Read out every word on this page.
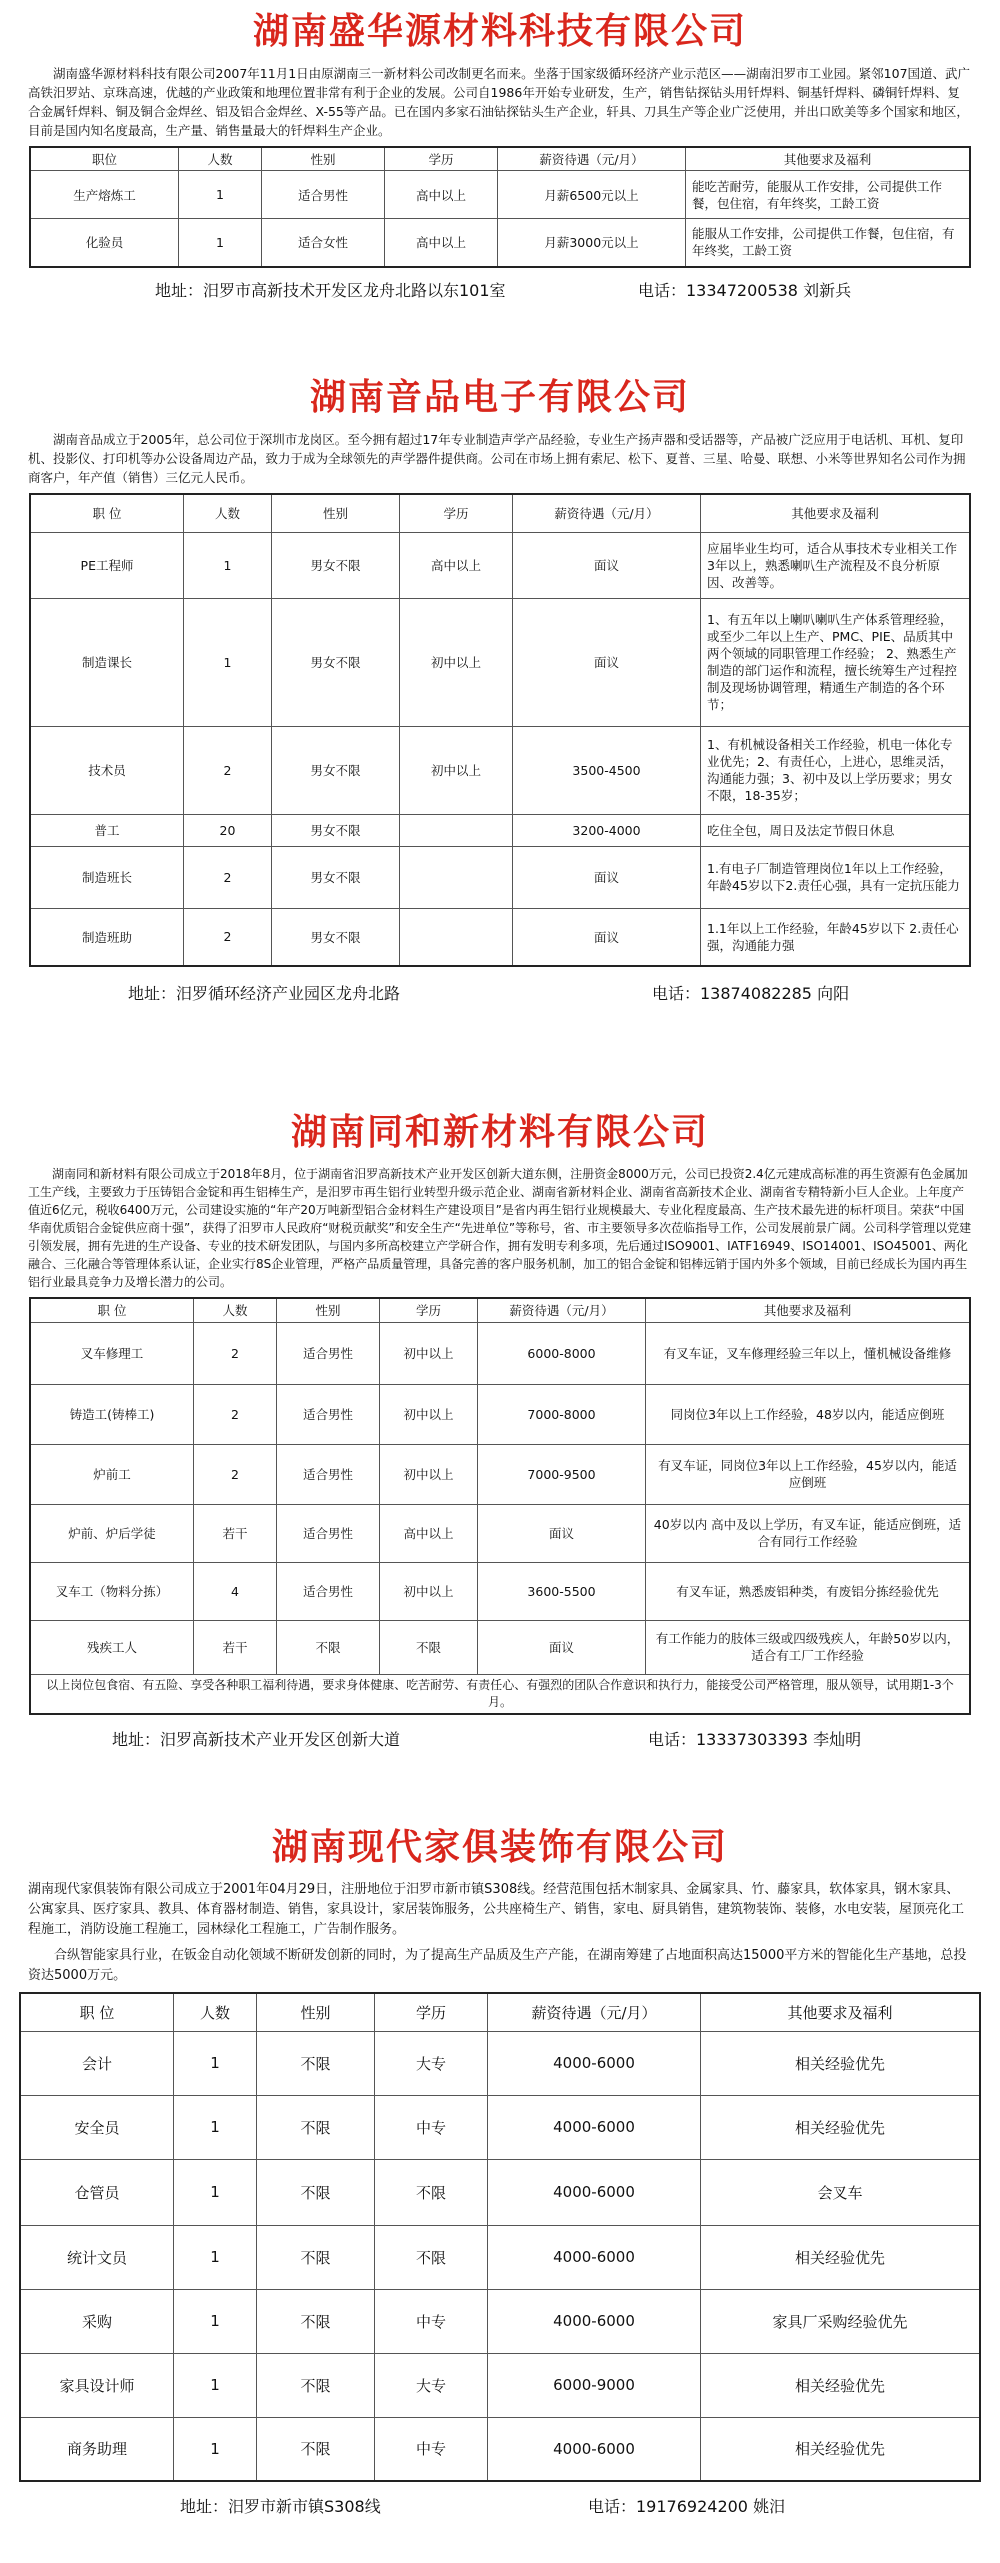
湖南盛华源材料科技有限公司

湖南盛华源材料科技有限公司2007年11月1日由原湖南三一新材料公司改制更名而来。坐落于国家级循环经济产业示范区——湖南汨罗市工业园。紧邻107国道、武广高铁汨罗站、京珠高速，优越的产业政策和地理位置非常有利于企业的发展。公司自1986年开始专业研发，生产，销售钻探钻头用钎焊料、铜基钎焊料、磷铜钎焊料、复合金属钎焊料、铜及铜合金焊丝、铝及铝合金焊丝、X-55等产品。已在国内多家石油钻探钻头生产企业，轩具、刀具生产等企业广泛使用，并出口欧美等多个国家和地区，目前是国内知名度最高，生产量、销售量最大的钎焊料生产企业。

职位	人数	性别	学历	薪资待遇（元/月）	其他要求及福利
生产熔炼工	1	适合男性	高中以上	月薪6500元以上	能吃苦耐劳，能服从工作安排，公司提供工作餐，包住宿，有年终奖，工龄工资
化验员	1	适合女性	高中以上	月薪3000元以上	能服从工作安排，公司提供工作餐，包住宿，有年终奖，工龄工资
地址：汨罗市高新技术开发区龙舟北路以东101室	电话：13347200538 刘新兵
湖南音品电子有限公司

湖南音品成立于2005年，总公司位于深圳市龙岗区。至今拥有超过17年专业制造声学产品经验，专业生产扬声器和受话器等，产品被广泛应用于电话机、耳机、复印机、投影仪、打印机等办公设备周边产品，致力于成为全球领先的声学器件提供商。公司在市场上拥有索尼、松下、夏普、三星、哈曼、联想、小米等世界知名公司作为拥商客户，年产值（销售）三亿元人民币。

职 位	人数	性别	学历	薪资待遇（元/月）	其他要求及福利
PE工程师	1	男女不限	高中以上	面议	应届毕业生均可，适合从事技术专业相关工作3年以上，熟悉喇叭生产流程及不良分析原因、改善等。
制造课长	1	男女不限	初中以上	面议	1、有五年以上喇叭喇叭生产体系管理经验，或至少二年以上生产、PMC、PIE、品质其中两个领域的同职管理工作经验； 2、熟悉生产制造的部门运作和流程，擅长统筹生产过程控制及现场协调管理，精通生产制造的各个环节；
技术员	2	男女不限	初中以上	3500-4500	1、有机械设备相关工作经验，机电一体化专业优先；2、有责任心，上进心，思维灵活，沟通能力强；3、初中及以上学历要求；男女不限，18-35岁；
普工	20	男女不限		3200-4000	吃住全包，周日及法定节假日休息
制造班长	2	男女不限		面议	1.有电子厂制造管理岗位1年以上工作经验，年龄45岁以下2.责任心强，具有一定抗压能力
制造班助	2	男女不限		面议	1.1年以上工作经验，年龄45岁以下 2.责任心强，沟通能力强
地址：汨罗循环经济产业园区龙舟北路	电话：13874082285 向阳
湖南同和新材料有限公司

湖南同和新材料有限公司成立于2018年8月，位于湖南省汨罗高新技术产业开发区创新大道东侧，注册资金8000万元，公司已投资2.4亿元建成高标准的再生资源有色金属加工生产线，主要致力于压铸铝合金锭和再生铝棒生产，是汨罗市再生铝行业转型升级示范企业、湖南省新材料企业、湖南省高新技术企业、湖南省专精特新小巨人企业。上年度产值近6亿元，税收6400万元，公司建设实施的“年产20万吨新型铝合金材料生产建设项目”是省内再生铝行业规模最大、专业化程度最高、生产技术最先进的标杆项目。荣获“中国华南优质铝合金锭供应商十强”，获得了汨罗市人民政府“财税贡献奖”和安全生产“先进单位”等称号，省、市主要领导多次莅临指导工作，公司发展前景广阔。公司科学管理以党建引领发展，拥有先进的生产设备、专业的技术研发团队，与国内多所高校建立产学研合作，拥有发明专利多项，先后通过ISO9001、IATF16949、ISO14001、ISO45001、两化融合、三化融合等管理体系认证，企业实行8S企业管理，严格产品质量管理，具备完善的客户服务机制，加工的铝合金锭和铝棒远销于国内外多个领域，目前已经成长为国内再生铝行业最具竞争力及增长潜力的公司。

职 位	人数	性别	学历	薪资待遇（元/月）	其他要求及福利
叉车修理工	2	适合男性	初中以上	6000-8000	有叉车证，叉车修理经验三年以上，懂机械设备维修
铸造工(铸棒工)	2	适合男性	初中以上	7000-8000	同岗位3年以上工作经验，48岁以内，能适应倒班
炉前工	2	适合男性	初中以上	7000-9500	有叉车证，同岗位3年以上工作经验，45岁以内，能适应倒班
炉前、炉后学徒	若干	适合男性	高中以上	面议	40岁以内 高中及以上学历，有叉车证，能适应倒班，适合有同行工作经验
叉车工（物料分拣）	4	适合男性	初中以上	3600-5500	有叉车证，熟悉废铝种类，有废铝分拣经验优先
残疾工人	若干	不限	不限	面议	有工作能力的肢体三级或四级残疾人，年龄50岁以内，适合有工厂工作经验
以上岗位包食宿、有五险、享受各种职工福利待遇，要求身体健康、吃苦耐劳、有责任心、有强烈的团队合作意识和执行力，能接受公司严格管理，服从领导，试用期1-3个月。					
地址：汨罗高新技术产业开发区创新大道	电话：13337303393 李灿明
湖南现代家俱装饰有限公司

湖南现代家俱装饰有限公司成立于2001年04月29日，注册地位于汨罗市新市镇S308线。经营范围包括木制家具、金属家具、竹、藤家具，软体家具，钢木家具、公寓家具、医疗家具、教具、体育器材制造、销售，家具设计，家居装饰服务，公共座椅生产、销售，家电、厨具销售，建筑物装饰、装修，水电安装，屋顶亮化工程施工，消防设施工程施工，园林绿化工程施工，广告制作服务。

合纵智能家具行业，在钣金自动化领域不断研发创新的同时，为了提高生产品质及生产产能，在湖南筹建了占地面积高达15000平方米的智能化生产基地，总投资达5000万元。

职 位	人数	性别	学历	薪资待遇（元/月）	其他要求及福利
会计	1	不限	大专	4000-6000	相关经验优先
安全员	1	不限	中专	4000-6000	相关经验优先
仓管员	1	不限	不限	4000-6000	会叉车
统计文员	1	不限	不限	4000-6000	相关经验优先
采购	1	不限	中专	4000-6000	家具厂采购经验优先
家具设计师	1	不限	大专	6000-9000	相关经验优先
商务助理	1	不限	中专	4000-6000	相关经验优先
地址：汨罗市新市镇S308线	电话：19176924200 姚汨
